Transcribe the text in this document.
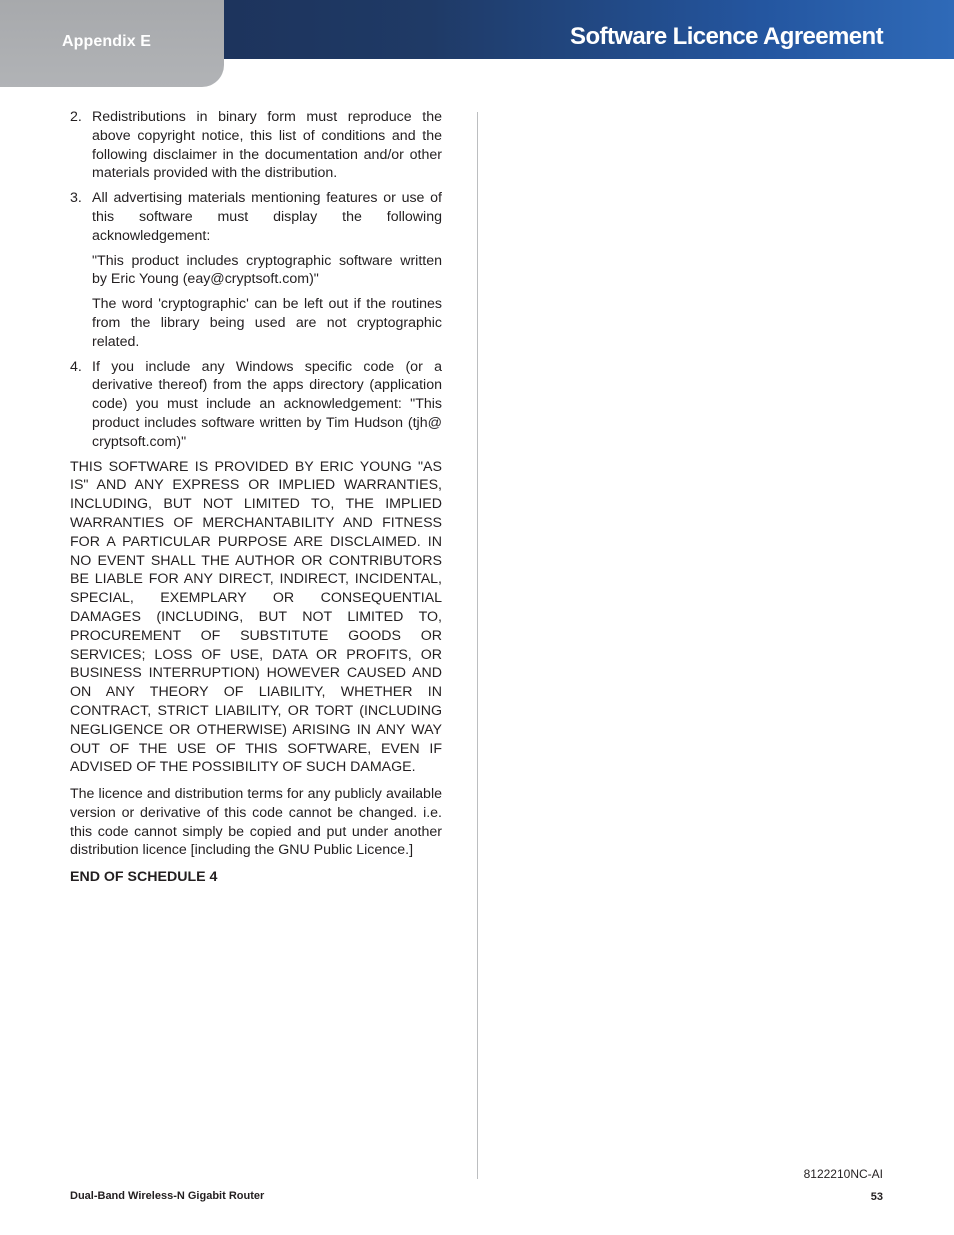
Appendix E	Software Licence Agreement
2. Redistributions in binary form must reproduce the above copyright notice, this list of conditions and the following disclaimer in the documentation and/or other materials provided with the distribution.

3. All advertising materials mentioning features or use of this software must display the following acknowledgement:

"This product includes cryptographic software written by Eric Young (eay@cryptsoft.com)"

The word 'cryptographic' can be left out if the routines from the library being used are not cryptographic related.

4. If you include any Windows specific code (or a derivative thereof) from the apps directory (application code) you must include an acknowledgement: "This product includes software written by Tim Hudson (tjh@ cryptsoft.com)"

THIS SOFTWARE IS PROVIDED BY ERIC YOUNG "AS IS" AND ANY EXPRESS OR IMPLIED WARRANTIES, INCLUDING, BUT NOT LIMITED TO, THE IMPLIED WARRANTIES OF MERCHANTABILITY AND FITNESS FOR A PARTICULAR PURPOSE ARE DISCLAIMED. IN NO EVENT SHALL THE AUTHOR OR CONTRIBUTORS BE LIABLE FOR ANY DIRECT, INDIRECT, INCIDENTAL, SPECIAL, EXEMPLARY OR CONSEQUENTIAL DAMAGES (INCLUDING, BUT NOT LIMITED TO, PROCUREMENT OF SUBSTITUTE GOODS OR SERVICES; LOSS OF USE, DATA OR PROFITS, OR BUSINESS INTERRUPTION) HOWEVER CAUSED AND ON ANY THEORY OF LIABILITY, WHETHER IN CONTRACT, STRICT LIABILITY, OR TORT (INCLUDING NEGLIGENCE OR OTHERWISE) ARISING IN ANY WAY OUT OF THE USE OF THIS SOFTWARE, EVEN IF ADVISED OF THE POSSIBILITY OF SUCH DAMAGE.

The licence and distribution terms for any publicly available version or derivative of this code cannot be changed. i.e. this code cannot simply be copied and put under another distribution licence [including the GNU Public Licence.]

END OF SCHEDULE 4

8122210NC-AI
Dual-Band Wireless-N Gigabit Router	53
